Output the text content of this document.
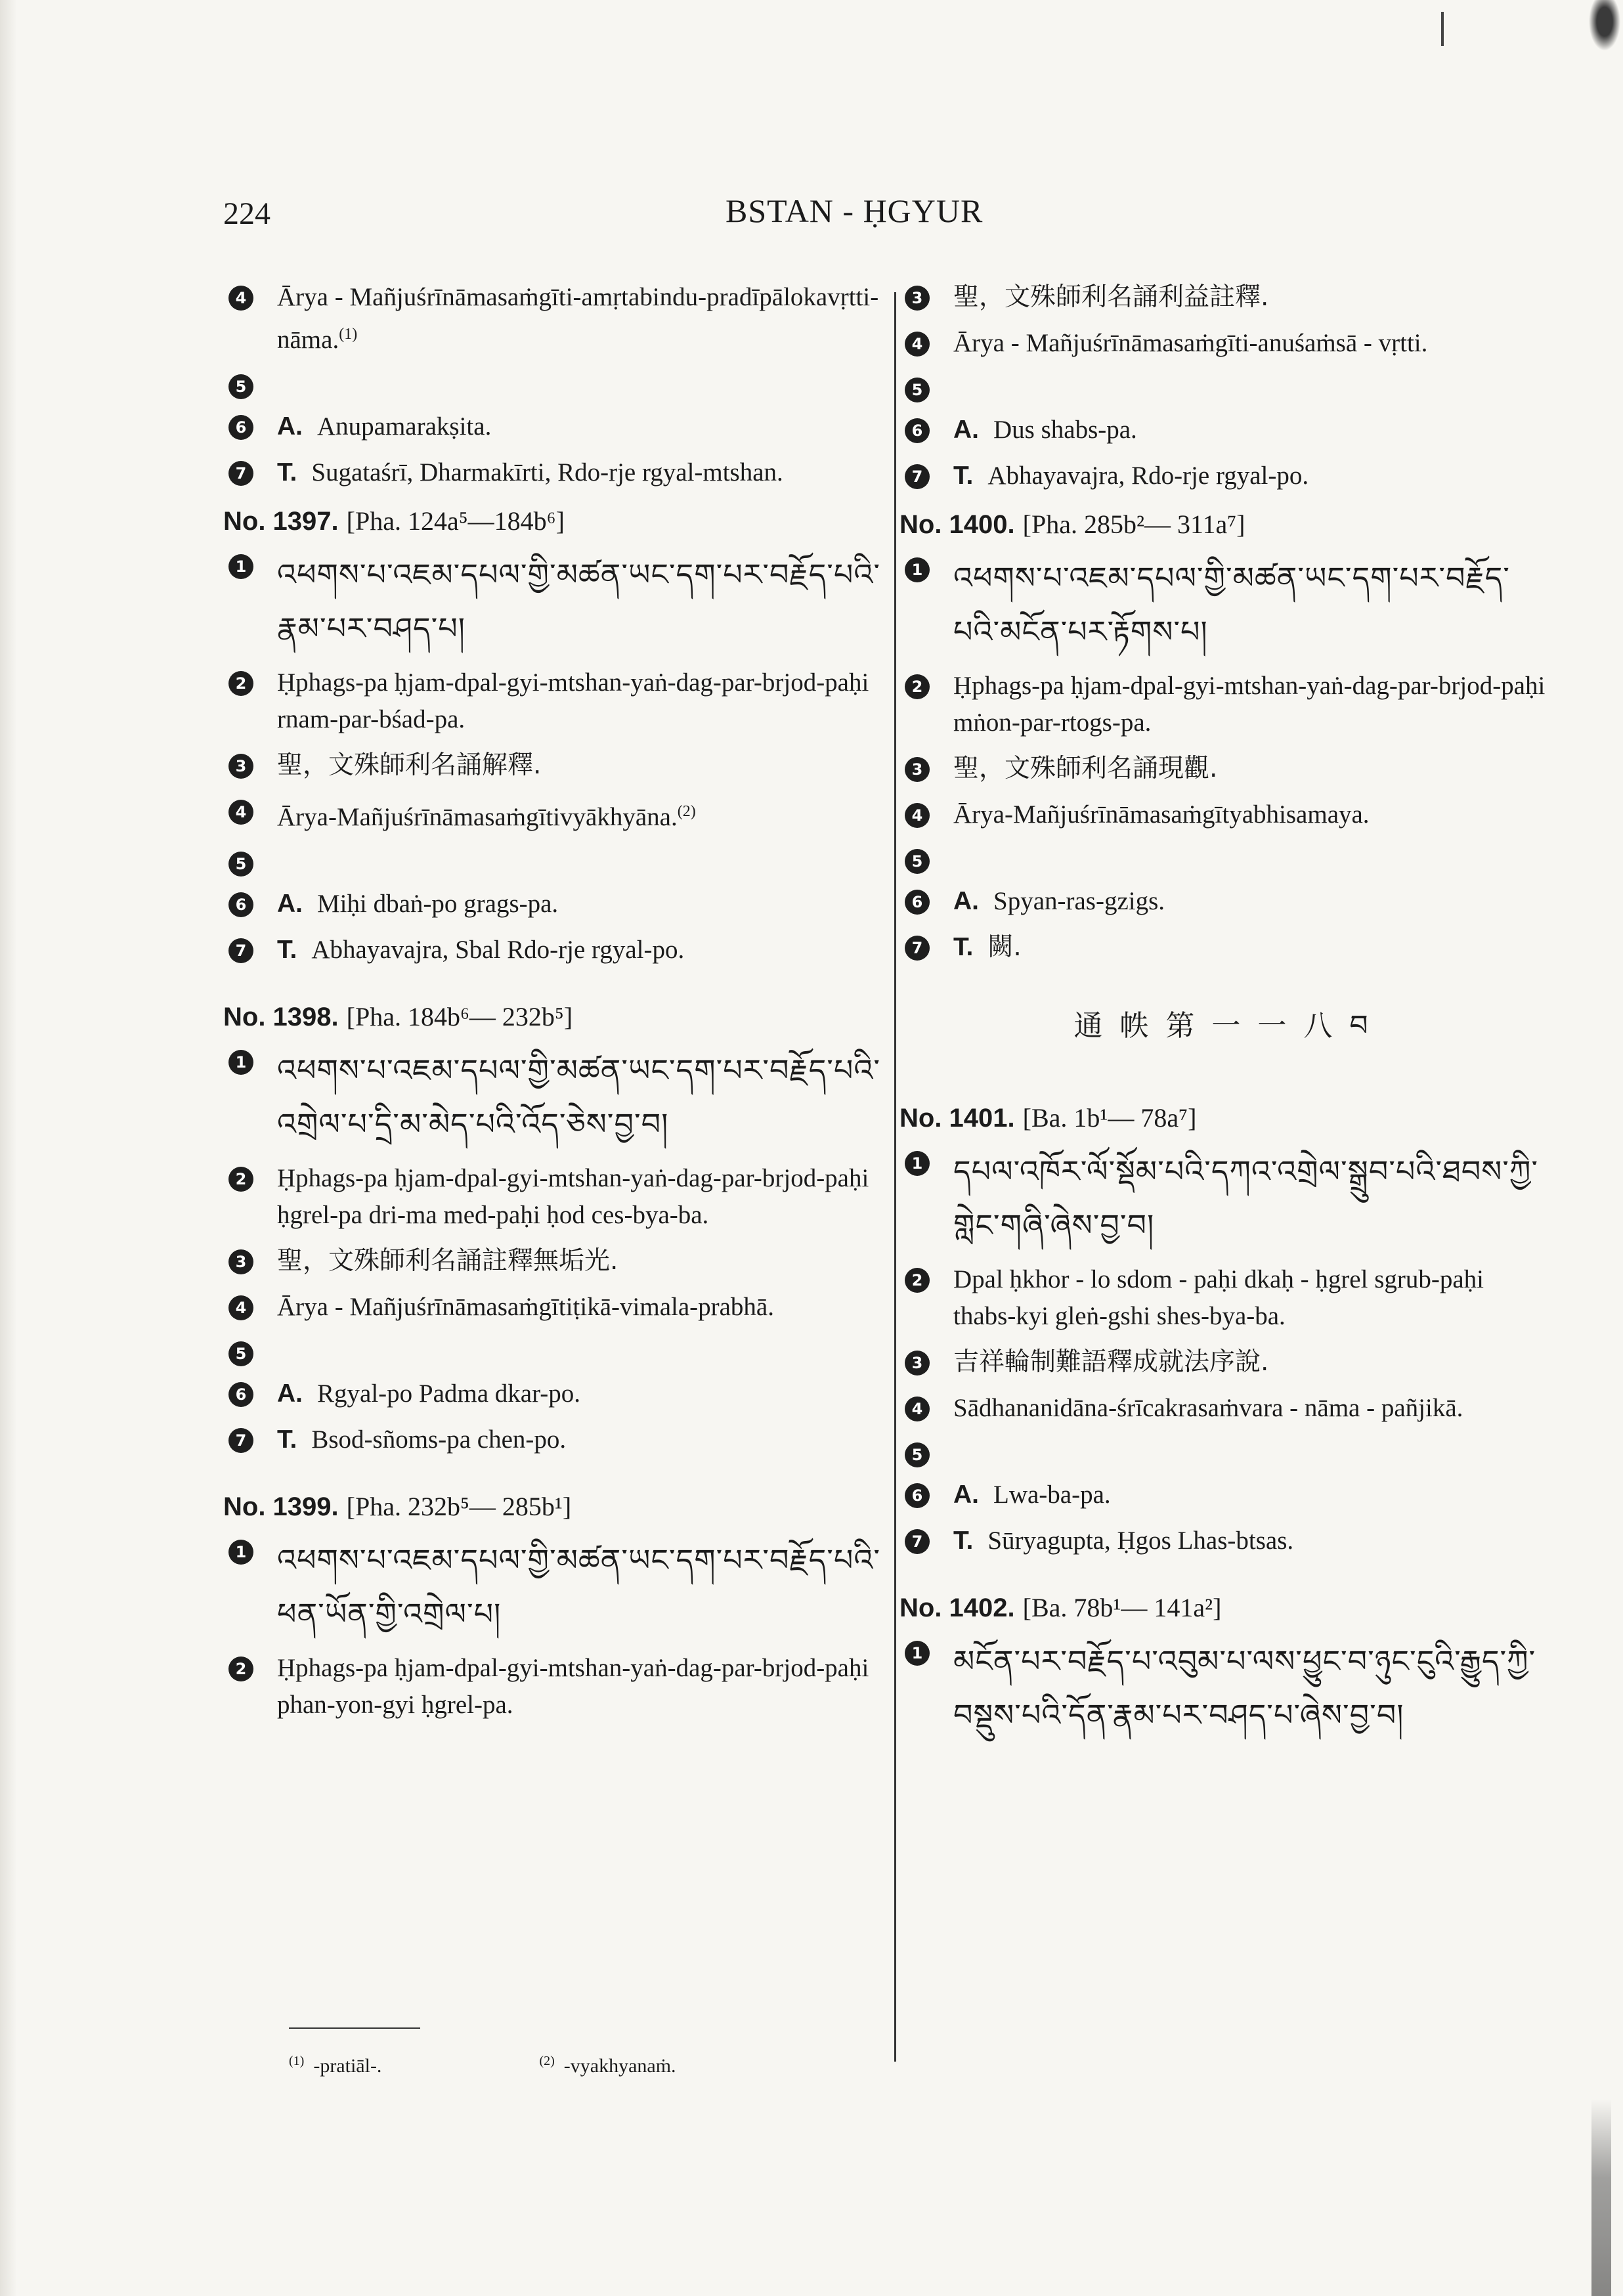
224	BSTAN - ḤGYUR
4 Ārya - Mañjuśrīnāmasaṁgīti-amṛtabindu-pradīpālokavṛtti-nāma.$^{(1)}$
5
6 A. Anupamarakṣita.
7 T. Sugataśrī, Dharmakīrti, Rdo-rje rgyal-mtshan.
No. 1397. [Pha. 124a⁵—184b⁶]
1 འཕགས་པ་འཇམ་དཔལ་གྱི་མཚན་ཡང་དག་པར་བརྗོད་པའི་རྣམ་པར་བཤད་པ།
2 Ḥphags-pa ḥjam-dpal-gyi-mtshan-yaṅ-dag-par-brjod-paḥi rnam-par-bśad-pa.
3 聖，文殊師利名誦解釋.
4 Ārya-Mañjuśrīnāmasaṁgītivyākhyāna.$^{(2)}$
5
6 A. Miḥi dbaṅ-po grags-pa.
7 T. Abhayavajra, Sbal Rdo-rje rgyal-po.
No. 1398. [Pha. 184b⁶— 232b⁵]
1 འཕགས་པ་འཇམ་དཔལ་གྱི་མཚན་ཡང་དག་པར་བརྗོད་པའི་འགྲེལ་པ་དྲི་མ་མེད་པའི་འོད་ཅེས་བྱ་བ།
2 Ḥphags-pa ḥjam-dpal-gyi-mtshan-yaṅ-dag-par-brjod-paḥi ḥgrel-pa dri-ma med-paḥi ḥod ces-bya-ba.
3 聖，文殊師利名誦註釋無垢光.
4 Ārya - Mañjuśrīnāmasaṁgītiṭikā-vimala-prabhā.
5
6 A. Rgyal-po Padma dkar-po.
7 T. Bsod-sñoms-pa chen-po.
No. 1399. [Pha. 232b⁵— 285b¹]
1 འཕགས་པ་འཇམ་དཔལ་གྱི་མཚན་ཡང་དག་པར་བརྗོད་པའི་ཕན་ཡོན་གྱི་འགྲེལ་པ།
2 Ḥphags-pa ḥjam-dpal-gyi-mtshan-yaṅ-dag-par-brjod-paḥi phan-yon-gyi ḥgrel-pa.
3 聖，文殊師利名誦利益註釋.
4 Ārya - Mañjuśrīnāmasaṁgīti-anuśaṁsā - vṛtti.
5
6 A. Dus shabs-pa.
7 T. Abhayavajra, Rdo-rje rgyal-po.
No. 1400. [Pha. 285b²— 311a⁷]
1 འཕགས་པ་འཇམ་དཔལ་གྱི་མཚན་ཡང་དག་པར་བརྗོད་པའི་མངོན་པར་རྟོགས་པ།
2 Ḥphags-pa ḥjam-dpal-gyi-mtshan-yaṅ-dag-par-brjod-paḥi mṅon-par-rtogs-pa.
3 聖，文殊師利名誦現觀.
4 Ārya-Mañjuśrīnāmasaṁgītyabhisamaya.
5
6 A. Spyan-ras-gzigs.
7 T. 闕.
通 帙 第 一 一 八 བ
No. 1401. [Ba. 1b¹— 78a⁷]
1 དཔལ་འཁོར་ལོ་སྡོམ་པའི་དཀའ་འགྲེལ་སྒྲུབ་པའི་ཐབས་ཀྱི་གླེང་གཞི་ཞེས་བྱ་བ།
2 Dpal ḥkhor - lo sdom - paḥi dkaḥ - ḥgrel sgrub-paḥi thabs-kyi gleṅ-gshi shes-bya-ba.
3 吉祥輪制難語釋成就法序說.
4 Sādhananidāna-śrīcakrasaṁvara - nāma - pañjikā.
5
6 A. Lwa-ba-pa.
7 T. Sūryagupta, Ḥgos Lhas-btsas.
No. 1402. [Ba. 78b¹— 141a²]
1 མངོན་པར་བརྗོད་པ་འབུམ་པ་ལས་ཕྱུང་བ་ཉུང་ངུའི་རྒྱུད་ཀྱི་བསྡུས་པའི་དོན་རྣམ་པར་བཤད་པ་ཞེས་བྱ་བ།
$^{(1)}$ -pratiāl-.	$^{(2)}$ -vyakhyanaṁ.
